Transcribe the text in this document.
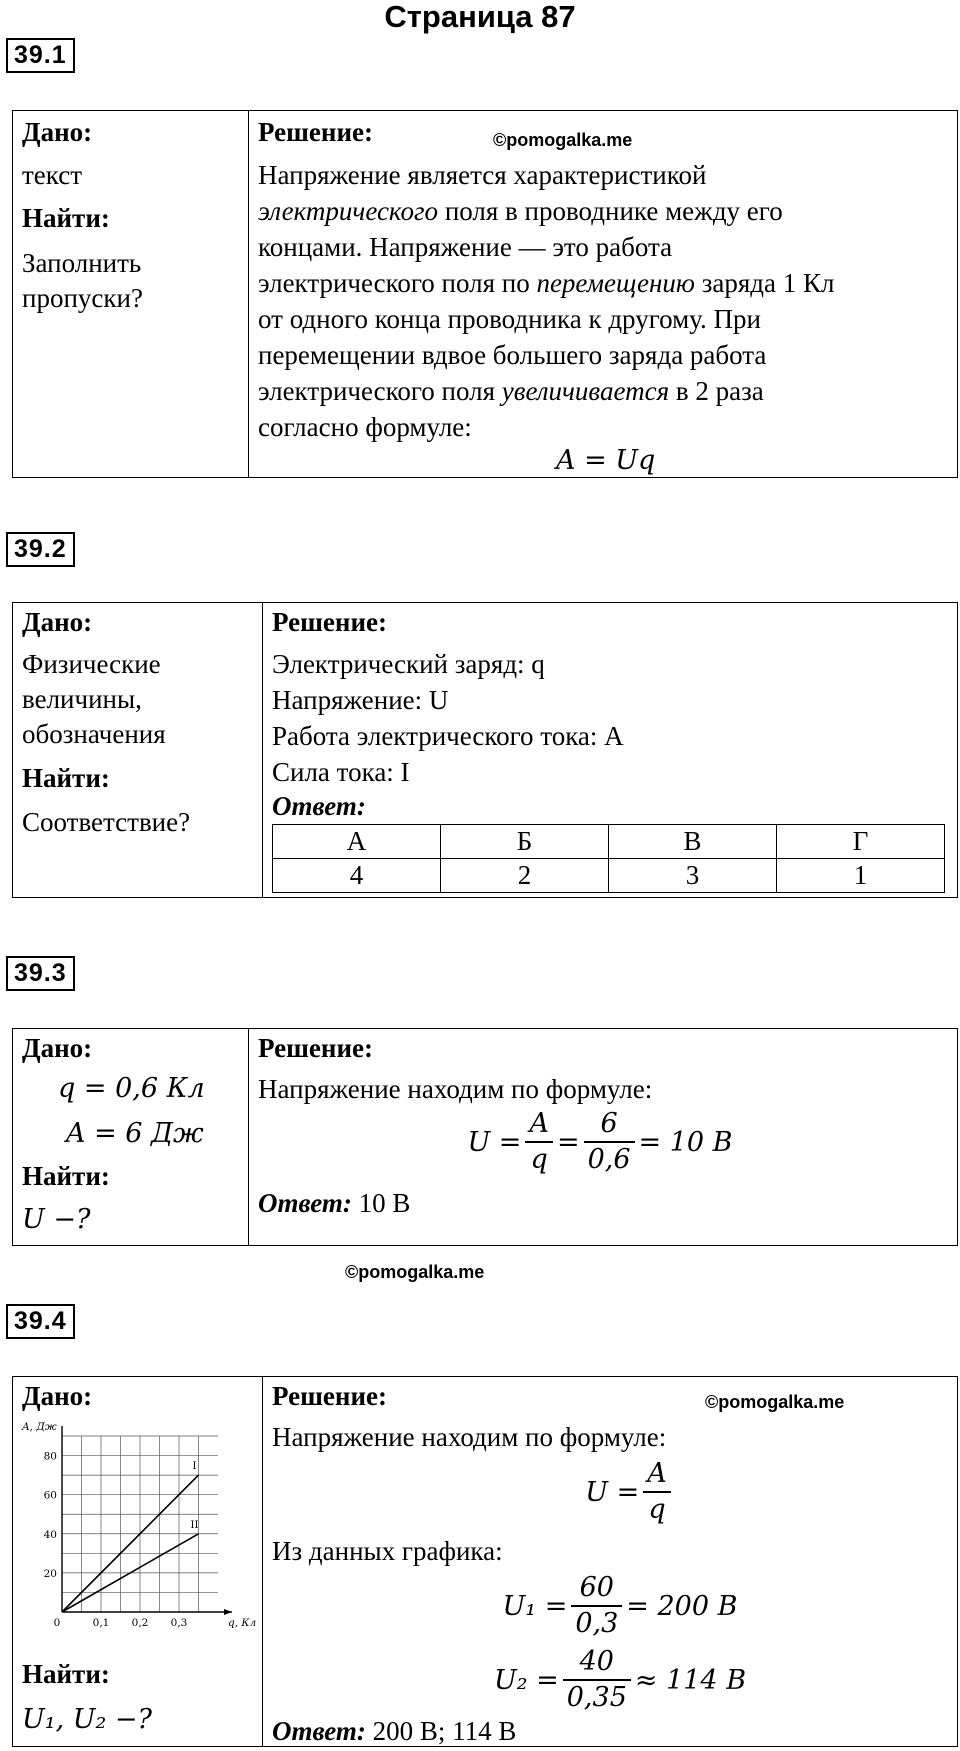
Страница 87
39.1
Дано:
текст
Найти:
Заполнить
пропуски?
Решение:	©pomogalka.me
Напряжение является характеристикой
электрического поля в проводнике между его
концами. Напряжение — это работа
электрического поля по перемещению заряда 1 Кл
от одного конца проводника к другому. При
перемещении вдвое большего заряда работа
электрического поля увеличивается в 2 раза
согласно формуле:
A = Uq
39.2
Дано:
Физические
величины,
обозначения
Найти:
Соответствие?
Решение:
Электрический заряд: q
Напряжение: U
Работа электрического тока: A
Сила тока: I
Ответ:
А	Б	В	Г
4	2	3	1
39.3
Дано:
q = 0,6 Кл
A = 6 Дж
Найти:
U −?
Решение:
Напряжение находим по формуле:
$U = \frac{A}{q} = \frac{6}{0,6} = 10$ В
Ответ: 10 В
©pomogalka.me
39.4
Дано:
20
40
60
80
0	0,1 0,2 0,3	q, Кл
A, Дж
I
II
Найти:
U₁, U₂ −?
Решение:	©pomogalka.me
Напряжение находим по формуле:
$U = \frac{A}{q}$
Из данных графика:
$U_1 = \frac{60}{0,3} = 200$ В
$U_2 = \frac{40}{0,35} \approx 114$ В
Ответ: 200 В; 114 В
